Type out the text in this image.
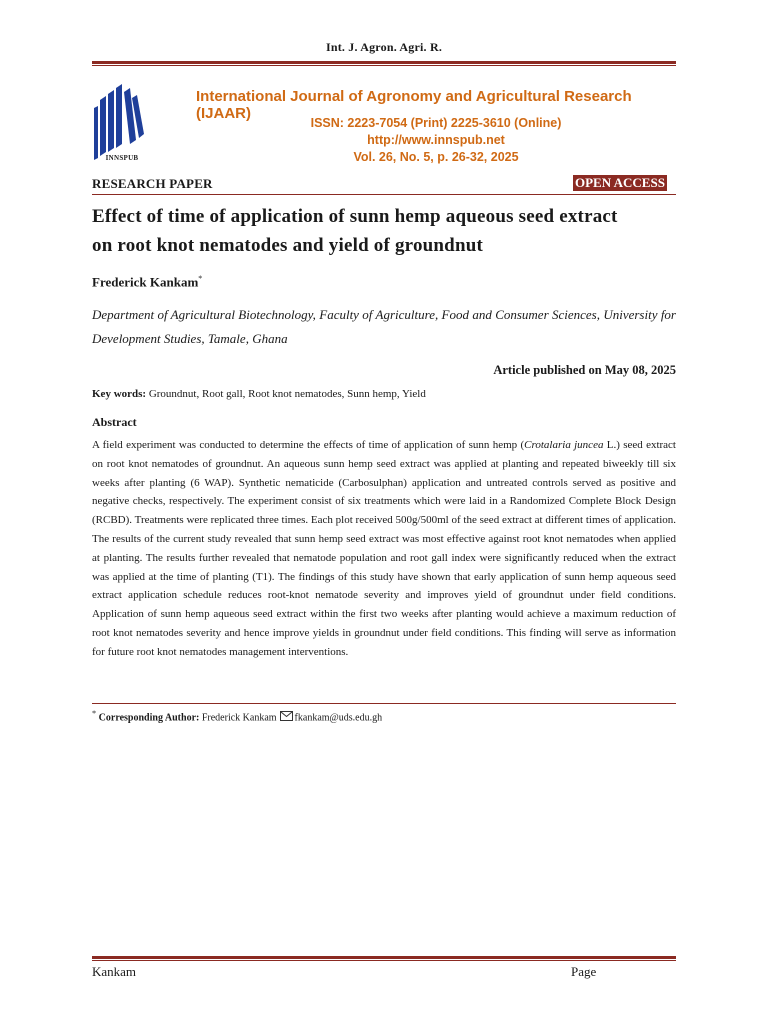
Int. J. Agron. Agri. R.
INNSPUB
International Journal of Agronomy and Agricultural Research (IJAAR)
ISSN: 2223-7054 (Print) 2225-3610 (Online)
http://www.innspub.net
Vol. 26, No. 5, p. 26-32, 2025
RESEARCH PAPER	OPEN ACCESS
Effect of time of application of sunn hemp aqueous seed extract
on root knot nematodes and yield of groundnut
Frederick Kankam*
Department of Agricultural Biotechnology, Faculty of Agriculture, Food and Consumer Sciences, University for Development Studies, Tamale, Ghana
Article published on May 08, 2025
Key words: Groundnut, Root gall, Root knot nematodes, Sunn hemp, Yield
Abstract
A field experiment was conducted to determine the effects of time of application of sunn hemp (Crotalaria juncea L.) seed extract on root knot nematodes of groundnut. An aqueous sunn hemp seed extract was applied at planting and repeated biweekly till six weeks after planting (6 WAP). Synthetic nematicide (Carbosulphan) application and untreated controls served as positive and negative checks, respectively. The experiment consist of six treatments which were laid in a Randomized Complete Block Design (RCBD). Treatments were replicated three times. Each plot received 500g/500ml of the seed extract at different times of application. The results of the current study revealed that sunn hemp seed extract was most effective against root knot nematodes when applied at planting. The results further revealed that nematode population and root gall index were significantly reduced when the extract was applied at the time of planting (T1). The findings of this study have shown that early application of sunn hemp aqueous seed extract application schedule reduces root-knot nematode severity and improves yield of groundnut under field conditions. Application of sunn hemp aqueous seed extract within the first two weeks after planting would achieve a maximum reduction of root knot nematodes severity and hence improve yields in groundnut under field conditions. This finding will serve as information for future root knot nematodes management interventions.
* Corresponding Author: Frederick Kankam fkankam@uds.edu.gh
Kankam	Page
